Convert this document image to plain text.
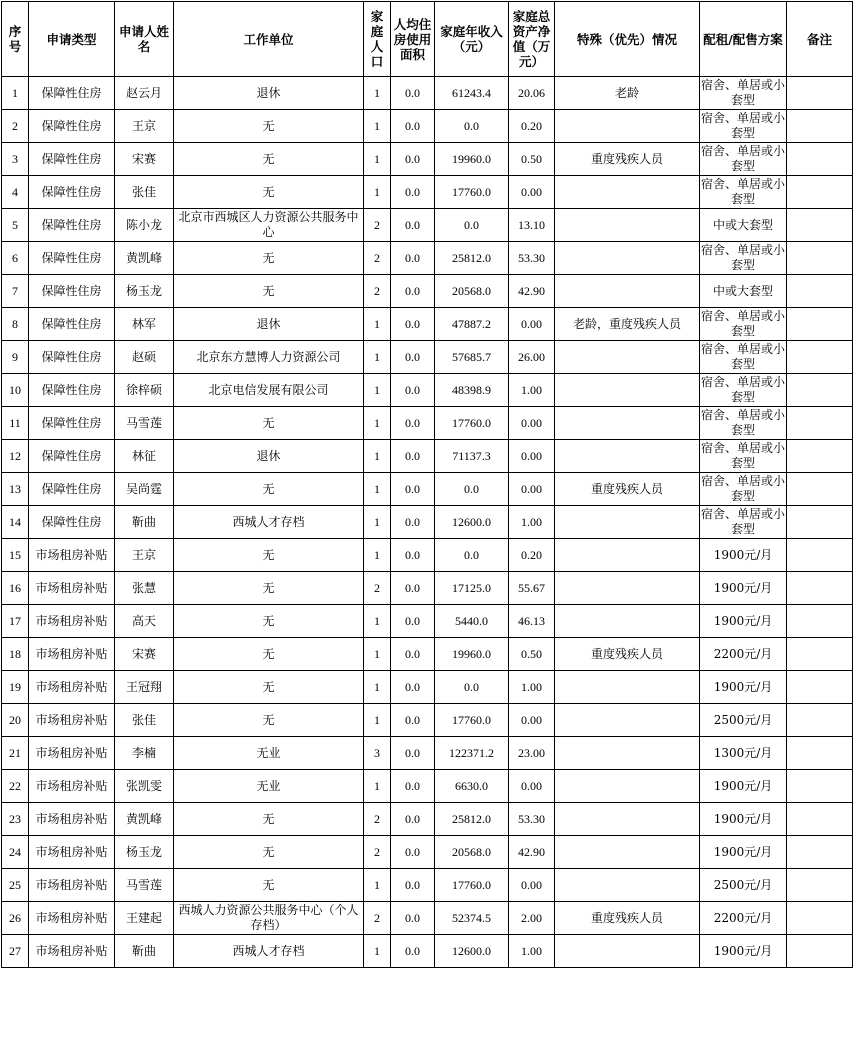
序号	申请类型	申请人姓名	工作单位	家庭人口	人均住房使用面积	家庭年收入（元）	家庭总资产净值（万元）	特殊（优先）情况	配租/配售方案	备注
1	保障性住房	赵云月	退休	1	0.0	61243.4	20.06	老龄	宿舍、单居或小套型	
2	保障性住房	王京	无	1	0.0	0.0	0.20		宿舍、单居或小套型	
3	保障性住房	宋赛	无	1	0.0	19960.0	0.50	重度残疾人员	宿舍、单居或小套型	
4	保障性住房	张佳	无	1	0.0	17760.0	0.00		宿舍、单居或小套型	
5	保障性住房	陈小龙	北京市西城区人力资源公共服务中心	2	0.0	0.0	13.10		中或大套型	
6	保障性住房	黄凯峰	无	2	0.0	25812.0	53.30		宿舍、单居或小套型	
7	保障性住房	杨玉龙	无	2	0.0	20568.0	42.90		中或大套型	
8	保障性住房	林军	退休	1	0.0	47887.2	0.00	老龄，重度残疾人员	宿舍、单居或小套型	
9	保障性住房	赵硕	北京东方慧博人力资源公司	1	0.0	57685.7	26.00		宿舍、单居或小套型	
10	保障性住房	徐梓硕	北京电信发展有限公司	1	0.0	48398.9	1.00		宿舍、单居或小套型	
11	保障性住房	马雪莲	无	1	0.0	17760.0	0.00		宿舍、单居或小套型	
12	保障性住房	林征	退休	1	0.0	71137.3	0.00		宿舍、单居或小套型	
13	保障性住房	吴尚霆	无	1	0.0	0.0	0.00	重度残疾人员	宿舍、单居或小套型	
14	保障性住房	靳曲	西城人才存档	1	0.0	12600.0	1.00		宿舍、单居或小套型	
15	市场租房补贴	王京	无	1	0.0	0.0	0.20		1900元/月	
16	市场租房补贴	张慧	无	2	0.0	17125.0	55.67		1900元/月	
17	市场租房补贴	高天	无	1	0.0	5440.0	46.13		1900元/月	
18	市场租房补贴	宋赛	无	1	0.0	19960.0	0.50	重度残疾人员	2200元/月	
19	市场租房补贴	王冠翔	无	1	0.0	0.0	1.00		1900元/月	
20	市场租房补贴	张佳	无	1	0.0	17760.0	0.00		2500元/月	
21	市场租房补贴	李楠	无业	3	0.0	122371.2	23.00		1300元/月	
22	市场租房补贴	张凯雯	无业	1	0.0	6630.0	0.00		1900元/月	
23	市场租房补贴	黄凯峰	无	2	0.0	25812.0	53.30		1900元/月	
24	市场租房补贴	杨玉龙	无	2	0.0	20568.0	42.90		1900元/月	
25	市场租房补贴	马雪莲	无	1	0.0	17760.0	0.00		2500元/月	
26	市场租房补贴	王建起	西城人力资源公共服务中心（个人存档）	2	0.0	52374.5	2.00	重度残疾人员	2200元/月	
27	市场租房补贴	靳曲	西城人才存档	1	0.0	12600.0	1.00		1900元/月	
